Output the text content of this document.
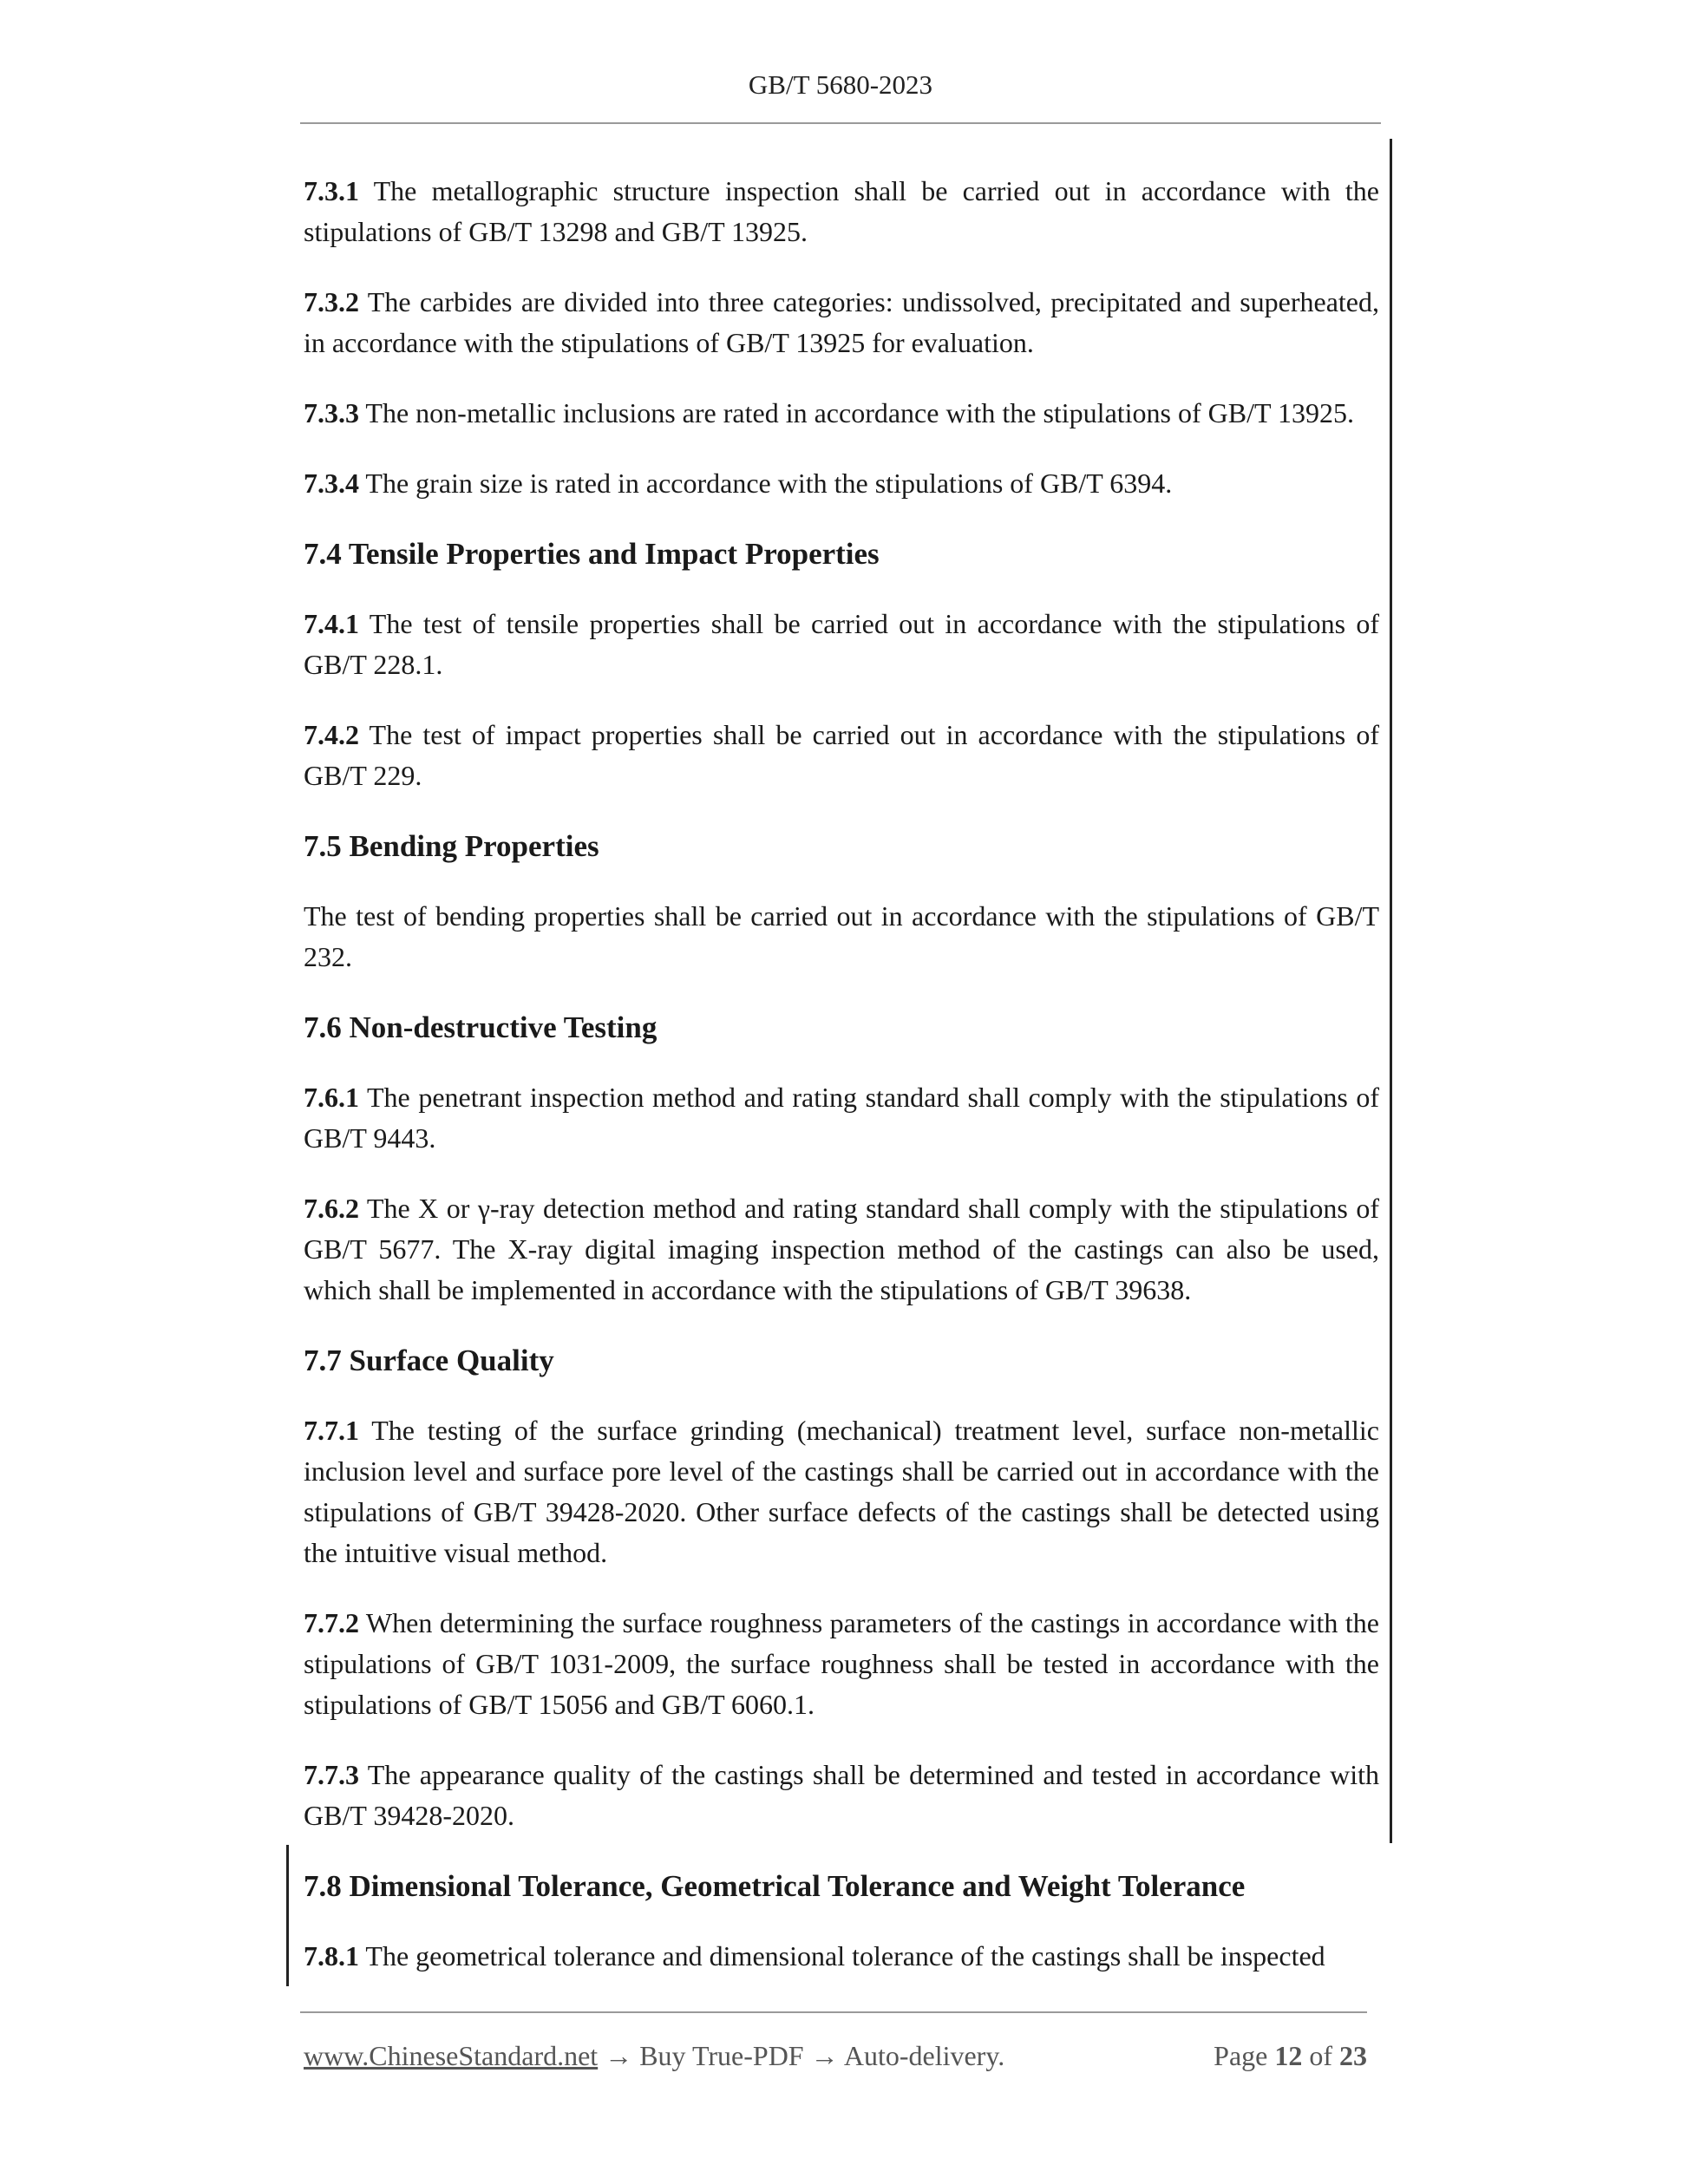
GB/T 5680-2023
7.3.1 The metallographic structure inspection shall be carried out in accordance with the stipulations of GB/T 13298 and GB/T 13925.
7.3.2 The carbides are divided into three categories: undissolved, precipitated and superheated, in accordance with the stipulations of GB/T 13925 for evaluation.
7.3.3 The non-metallic inclusions are rated in accordance with the stipulations of GB/T 13925.
7.3.4 The grain size is rated in accordance with the stipulations of GB/T 6394.
7.4 Tensile Properties and Impact Properties
7.4.1 The test of tensile properties shall be carried out in accordance with the stipulations of GB/T 228.1.
7.4.2 The test of impact properties shall be carried out in accordance with the stipulations of GB/T 229.
7.5 Bending Properties
The test of bending properties shall be carried out in accordance with the stipulations of GB/T 232.
7.6 Non-destructive Testing
7.6.1 The penetrant inspection method and rating standard shall comply with the stipulations of GB/T 9443.
7.6.2 The X or γ-ray detection method and rating standard shall comply with the stipulations of GB/T 5677. The X-ray digital imaging inspection method of the castings can also be used, which shall be implemented in accordance with the stipulations of GB/T 39638.
7.7 Surface Quality
7.7.1 The testing of the surface grinding (mechanical) treatment level, surface non-metallic inclusion level and surface pore level of the castings shall be carried out in accordance with the stipulations of GB/T 39428-2020. Other surface defects of the castings shall be detected using the intuitive visual method.
7.7.2 When determining the surface roughness parameters of the castings in accordance with the stipulations of GB/T 1031-2009, the surface roughness shall be tested in accordance with the stipulations of GB/T 15056 and GB/T 6060.1.
7.7.3 The appearance quality of the castings shall be determined and tested in accordance with GB/T 39428-2020.
7.8 Dimensional Tolerance, Geometrical Tolerance and Weight Tolerance
7.8.1 The geometrical tolerance and dimensional tolerance of the castings shall be inspected
www.ChineseStandard.net → Buy True-PDF → Auto-delivery.	Page 12 of 23
